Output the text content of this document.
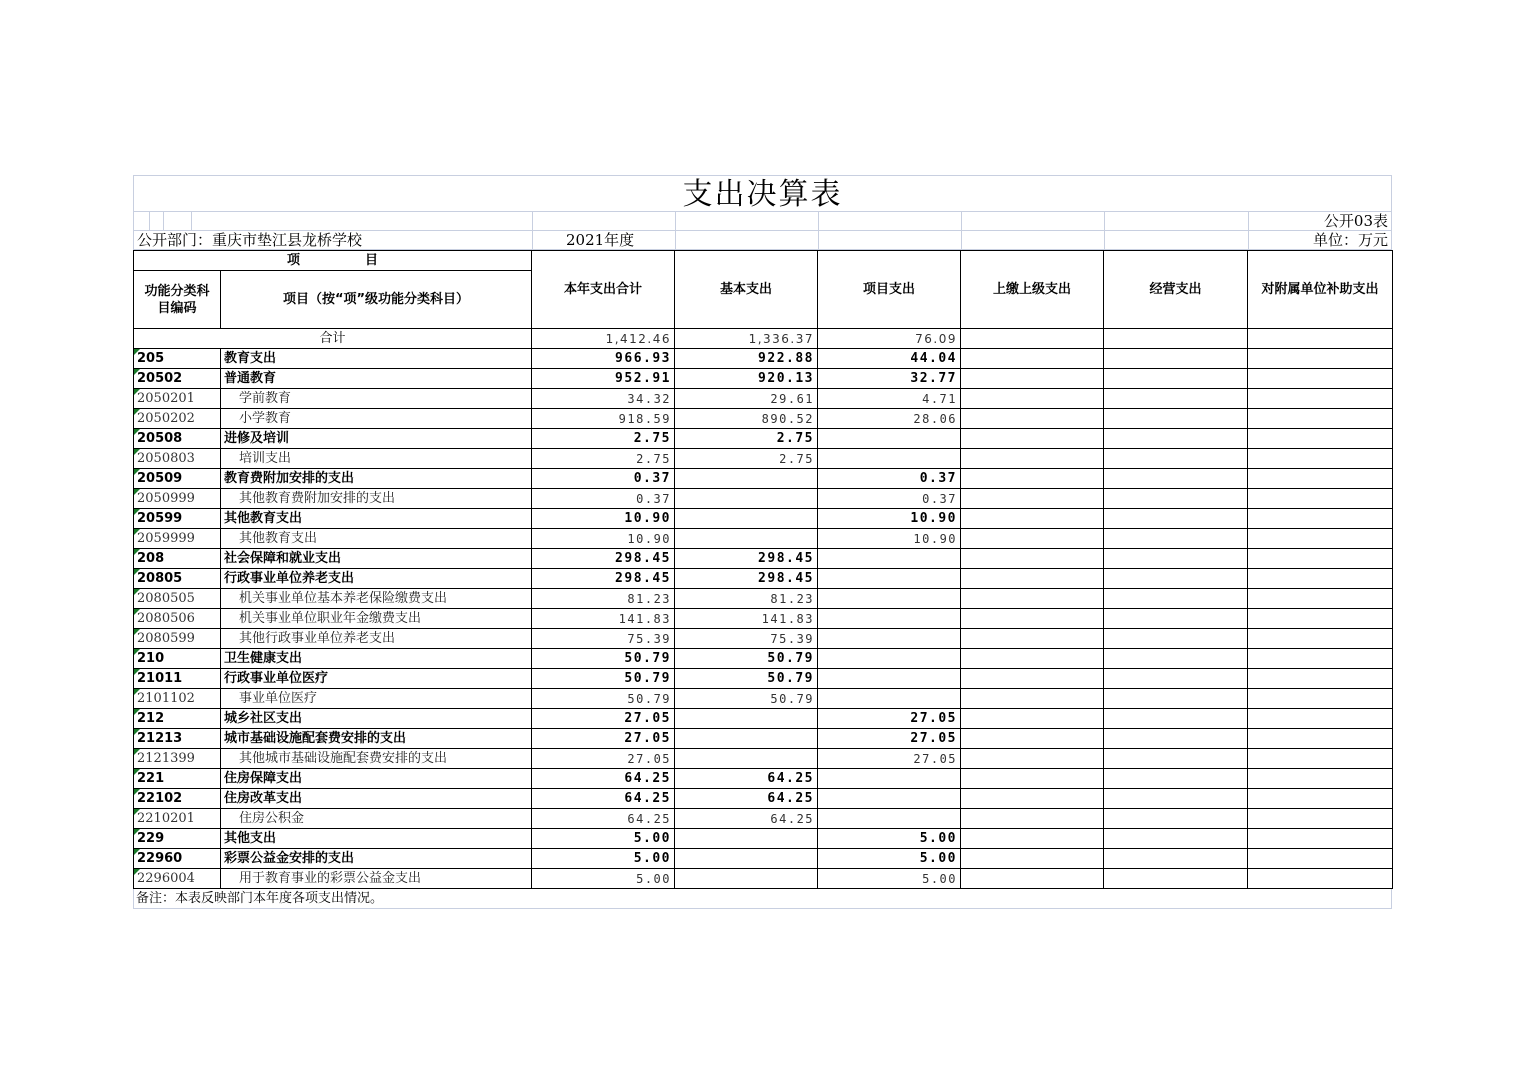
支出决算表
公开03表
公开部门：重庆市垫江县龙桥学校	2021年度	单位：万元
项　　　　　目		本年支出合计	基本支出	项目支出	上缴上级支出	经营支出	对附属单位补助支出
功能分类科目编码	项目（按“项”级功能分类科目）						
合计		1,412.46	1,336.37	76.09			
205	教育支出	966.93	922.88	44.04			
20502	普通教育	952.91	920.13	32.77			
2050201	学前教育	34.32	29.61	4.71			
2050202	小学教育	918.59	890.52	28.06			
20508	进修及培训	2.75	2.75				
2050803	培训支出	2.75	2.75				
20509	教育费附加安排的支出	0.37		0.37			
2050999	其他教育费附加安排的支出	0.37		0.37			
20599	其他教育支出	10.90		10.90			
2059999	其他教育支出	10.90		10.90			
208	社会保障和就业支出	298.45	298.45				
20805	行政事业单位养老支出	298.45	298.45				
2080505	机关事业单位基本养老保险缴费支出	81.23	81.23				
2080506	机关事业单位职业年金缴费支出	141.83	141.83				
2080599	其他行政事业单位养老支出	75.39	75.39				
210	卫生健康支出	50.79	50.79				
21011	行政事业单位医疗	50.79	50.79				
2101102	事业单位医疗	50.79	50.79				
212	城乡社区支出	27.05		27.05			
21213	城市基础设施配套费安排的支出	27.05		27.05			
2121399	其他城市基础设施配套费安排的支出	27.05		27.05			
221	住房保障支出	64.25	64.25				
22102	住房改革支出	64.25	64.25				
2210201	住房公积金	64.25	64.25				
229	其他支出	5.00		5.00			
22960	彩票公益金安排的支出	5.00		5.00			
2296004	用于教育事业的彩票公益金支出	5.00		5.00			
备注：本表反映部门本年度各项支出情况。
